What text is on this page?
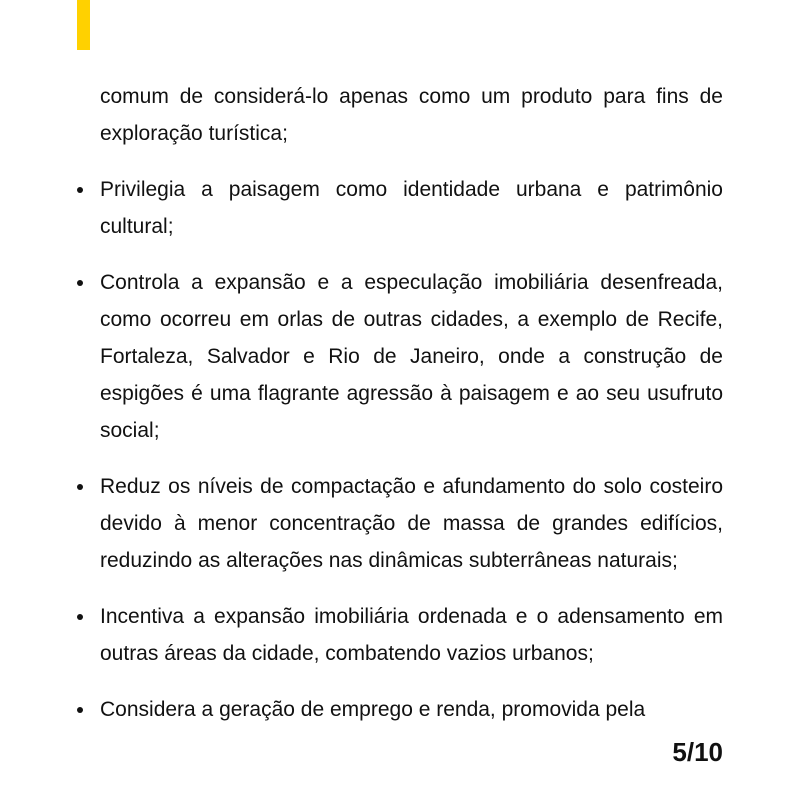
comum de considerá-lo apenas como um produto para fins de exploração turística;

Privilegia a paisagem como identidade urbana e patrimônio cultural;
Controla a expansão e a especulação imobiliária desenfreada, como ocorreu em orlas de outras cidades, a exemplo de Recife, Fortaleza, Salvador e Rio de Janeiro, onde a construção de espigões é uma flagrante agressão à paisagem e ao seu usufruto social;
Reduz os níveis de compactação e afundamento do solo costeiro devido à menor concentração de massa de grandes edifícios, reduzindo as alterações nas dinâmicas subterrâneas naturais;
Incentiva a expansão imobiliária ordenada e o adensamento em outras áreas da cidade, combatendo vazios urbanos;
Considera a geração de emprego e renda, promovida pela
5/10
